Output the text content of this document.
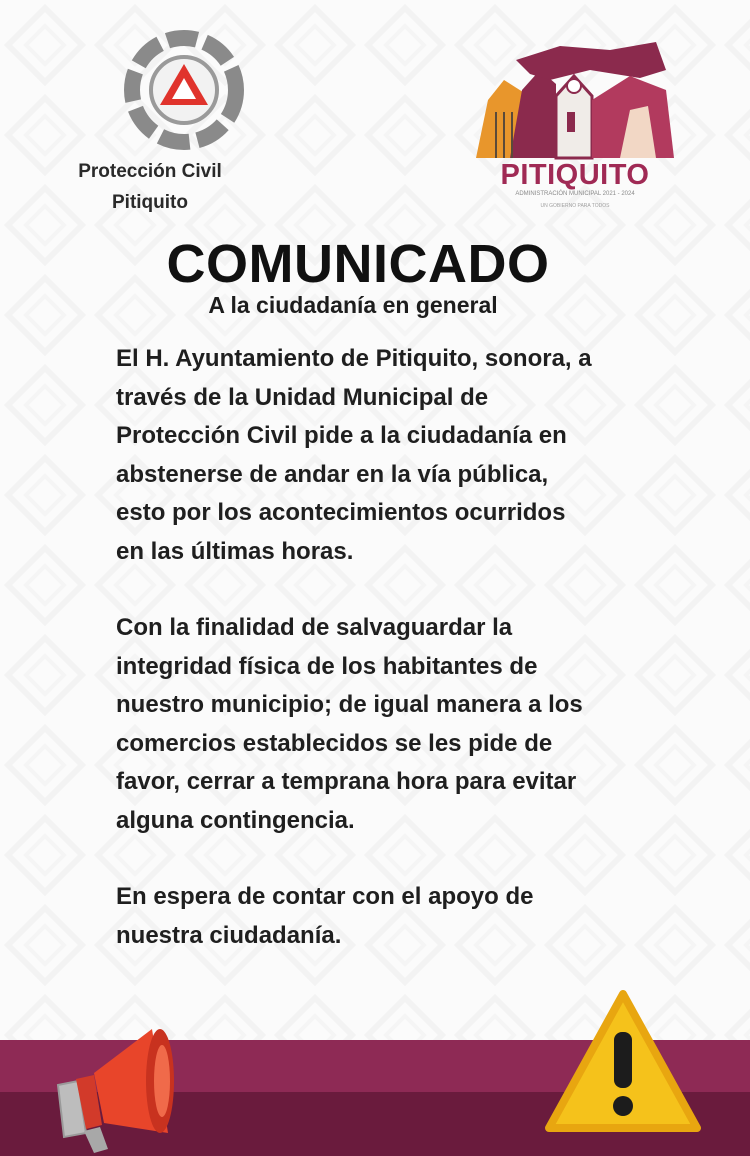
Protección Civil
Pitiquito
PITIQUITO
ADMINISTRACIÓN MUNICIPAL 2021 - 2024
UN GOBIERNO PARA TODOS
COMUNICADO
A la ciudadanía en general

El H. Ayuntamiento de Pitiquito, sonora, a
través de la Unidad Municipal de
Protección Civil pide a la ciudadanía en
abstenerse de andar en la vía pública,
esto por los acontecimientos ocurridos
en las últimas horas.

Con la finalidad de salvaguardar la
integridad física de los habitantes de
nuestro municipio; de igual manera a los
comercios establecidos se les pide de
favor, cerrar a temprana hora para evitar
alguna contingencia.

En espera de contar con el apoyo de
nuestra ciudadanía.
